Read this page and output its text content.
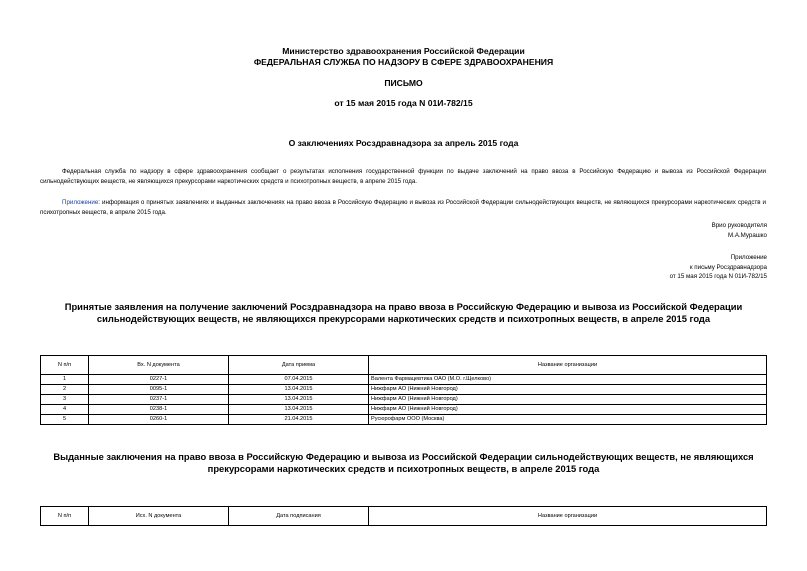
Министерство здравоохранения Российской Федерации
ФЕДЕРАЛЬНАЯ СЛУЖБА ПО НАДЗОРУ В СФЕРЕ ЗДРАВООХРАНЕНИЯ
ПИСЬМО
от 15 мая 2015 года N 01И-782/15
О заключениях Росздравнадзора за апрель 2015 года
Федеральная служба по надзору в сфере здравоохранения сообщает о результатах исполнения государственной функции по выдаче заключений на право ввоза в Российскую Федерацию и вывоза из Российской Федерации сильнодействующих веществ, не являющихся прекурсорами наркотических средств и психотропных веществ, в апреле 2015 года.
Приложение: информация о принятых заявлениях и выданных заключениях на право ввоза в Российскую Федерацию и вывоза из Российской Федерации сильнодействующих веществ, не являющихся прекурсорами наркотических средств и психотропных веществ, в апреле 2015 года.
Врио руководителя
М.А.Мурашко
Приложение
к письму Росздравнадзора
от 15 мая 2015 года N 01И-782/15
Принятые заявления на получение заключений Росздравнадзора на право ввоза в Российскую Федерацию и вывоза из Российской Федерации
сильнодействующих веществ, не являющихся прекурсорами наркотических средств и психотропных веществ, в апреле 2015 года
N п/п	Вх. N документа	Дата приема	Название организации
1	0227-1	07.04.2015	Валента Фармацевтика ОАО (М.О. г.Щелково)
2	0095-1	13.04.2015	Нижфарм АО (Нижний Новгород)
3	0237-1	13.04.2015	Нижфарм АО (Нижний Новгород)
4	0238-1	13.04.2015	Нижфарм АО (Нижний Новгород)
5	0260-1	21.04.2015	Русюрофарм ООО (Москва)
Выданные заключения на право ввоза в Российскую Федерацию и вывоза из Российской Федерации сильнодействующих веществ, не являющихся
прекурсорами наркотических средств и психотропных веществ, в апреле 2015 года
N п/п	Исх. N документа	Дата подписания	Название организации
